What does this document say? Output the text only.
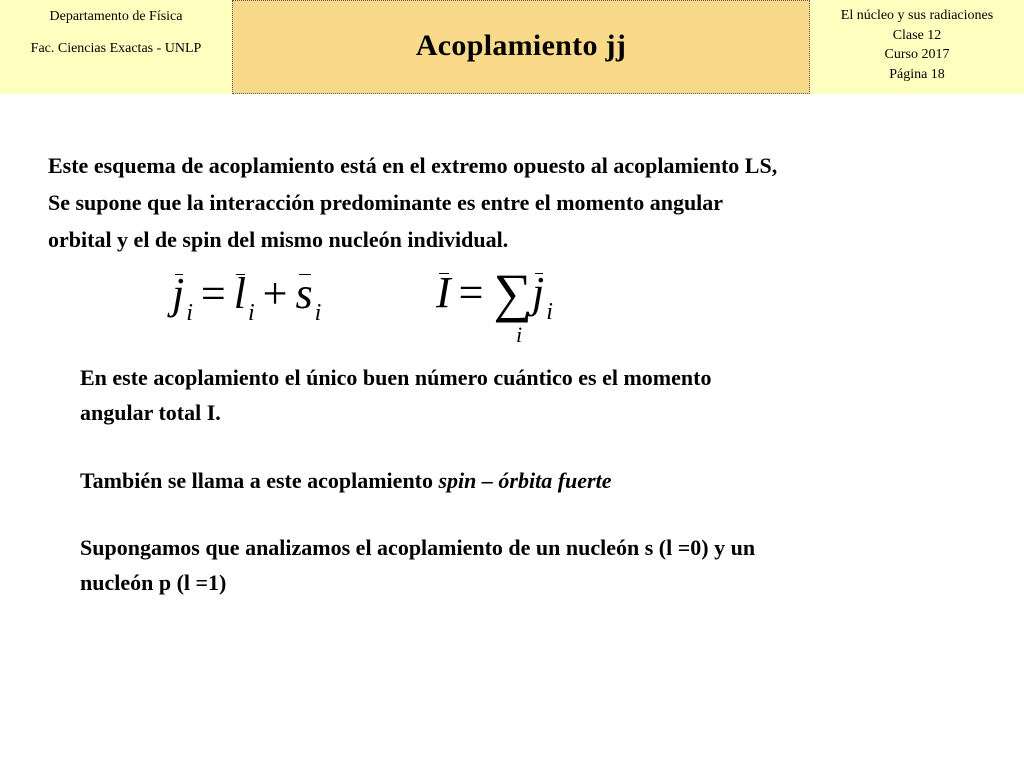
Departamento de Física
Fac. Ciencias Exactas - UNLP	Acoplamiento jj
El núcleo y sus radiaciones
Clase 12
Curso 2017
Página 18
Este esquema de acoplamiento está en el extremo opuesto al acoplamiento LS,
Se supone que la interacción predominante es entre el momento angular
orbital y el de spin del mismo nucleón individual.
$j_i = l_i + s_i$	$I = \sum j_i$
i
En este acoplamiento el único buen número cuántico es el momento
angular total I.
También se llama a este acoplamiento spin – órbita fuerte
Supongamos que analizamos el acoplamiento de un nucleón s (l =0) y un
nucleón p (l =1)
